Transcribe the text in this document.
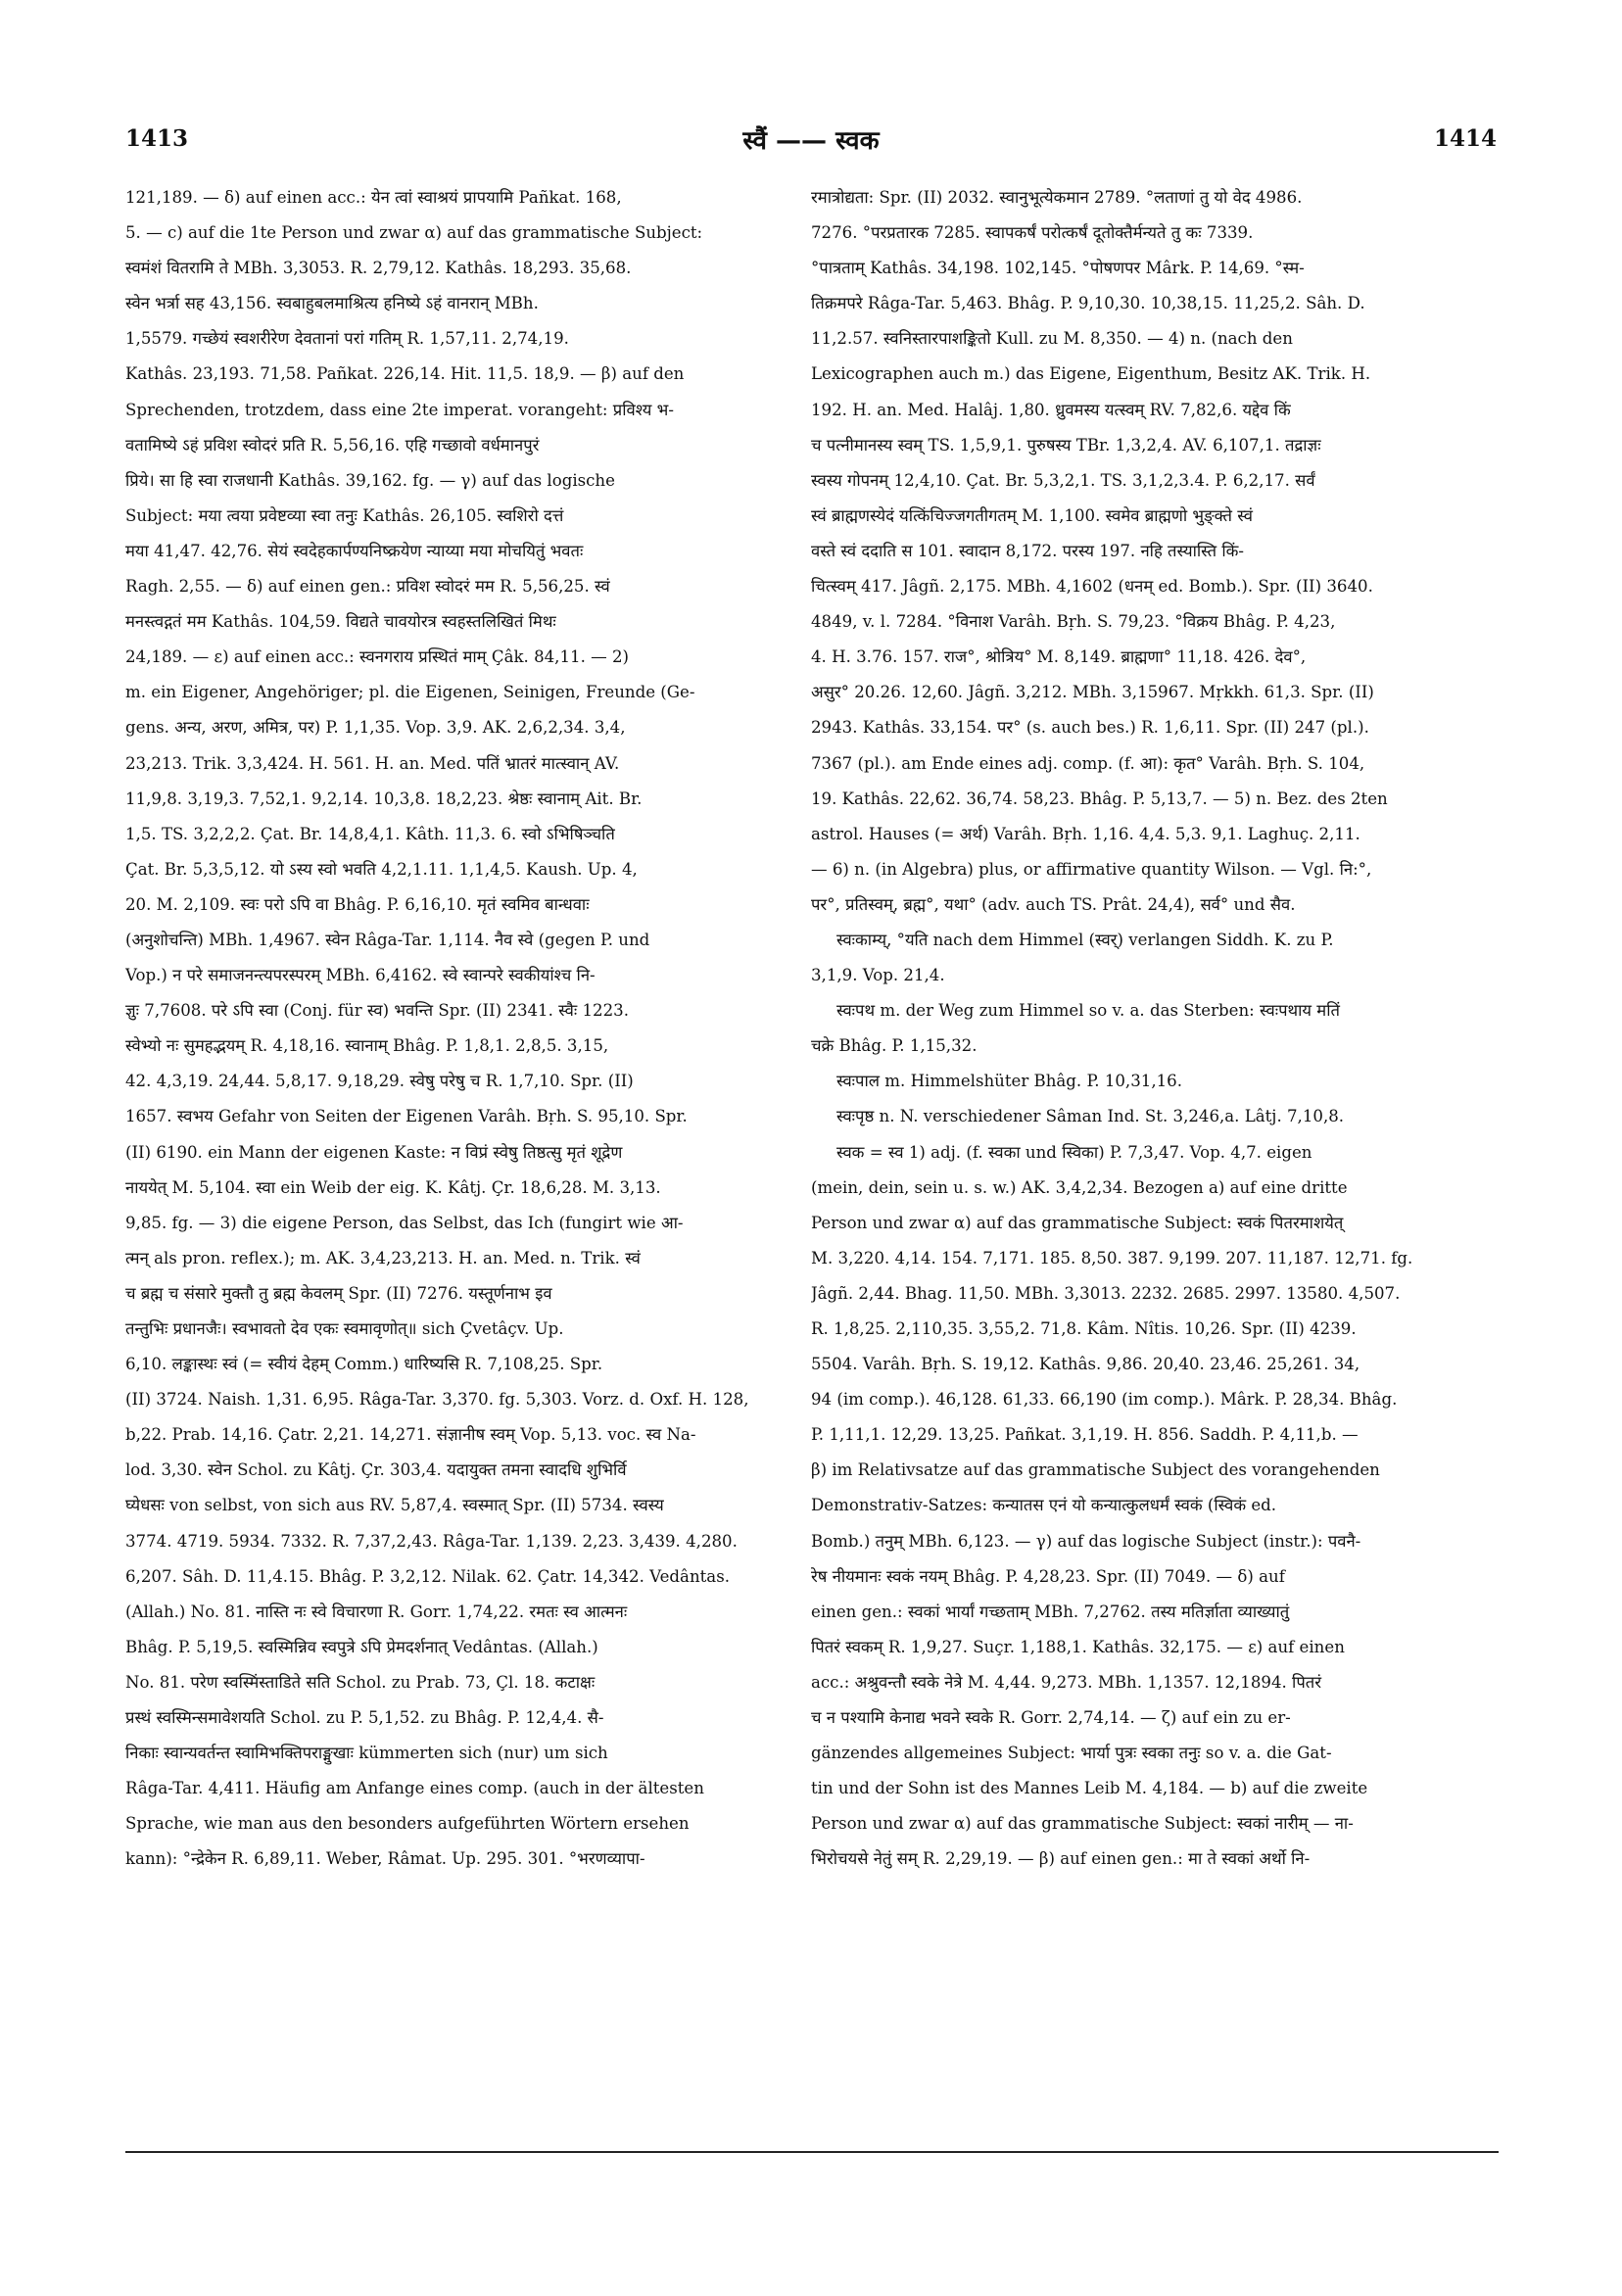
1413	स्वैं —— स्वक	1414
121,189. — δ) auf einen acc.: येन त्वां स्वाश्रयं प्रापयामि Pañkat. 168,
5. — c) auf die 1te Person und zwar α) auf das grammatische Subject:
स्वमंशं वितरामि ते MBh. 3,3053. R. 2,79,12. Kathâs. 18,293. 35,68.
स्वेन भर्त्रा सह 43,156. स्वबाहुबलमाश्रित्य हनिष्ये ऽहं वानरान् MBh.
1,5579. गच्छेयं स्वशरीरेण देवतानां परां गतिम् R. 1,57,11. 2,74,19.
Kathâs. 23,193. 71,58. Pañkat. 226,14. Hit. 11,5. 18,9. — β) auf den
Sprechenden, trotzdem, dass eine 2te imperat. vorangeht: प्रविश्य भ-
वतामिष्ये ऽहं प्रविश स्वोदरं प्रति R. 5,56,16. एहि गच्छावो वर्धमानपुरं
प्रिये। सा हि स्वा राजधानी Kathâs. 39,162. fg. — γ) auf das logische
Subject: मया त्वया प्रवेष्टव्या स्वा तनुः Kathâs. 26,105. स्वशिरो दत्तं
मया 41,47. 42,76. सेयं स्वदेहकार्पण्यनिष्क्रयेण न्याय्या मया मोचयितुं भवतः
Ragh. 2,55. — δ) auf einen gen.: प्रविश स्वोदरं मम R. 5,56,25. स्वं
मनस्त्वद्गतं मम Kathâs. 104,59. विद्यते चावयोरत्र स्वहस्तलिखितं मिथः
24,189. — ε) auf einen acc.: स्वनगराय प्रस्थितं माम् Çâk. 84,11. — 2)
m. ein Eigener, Angehöriger; pl. die Eigenen, Seinigen, Freunde (Ge-
gens. अन्य, अरण, अमित्र, पर) P. 1,1,35. Vop. 3,9. AK. 2,6,2,34. 3,4,
23,213. Trik. 3,3,424. H. 561. H. an. Med. पतिं भ्रातरं मात्स्वान् AV.
11,9,8. 3,19,3. 7,52,1. 9,2,14. 10,3,8. 18,2,23. श्रेष्ठः स्वानाम् Ait. Br.
1,5. TS. 3,2,2,2. Çat. Br. 14,8,4,1. Kâth. 11,3. 6. स्वो ऽभिषिञ्चति
Çat. Br. 5,3,5,12. यो ऽस्य स्वो भवति 4,2,1.11. 1,1,4,5. Kaush. Up. 4,
20. M. 2,109. स्वः परो ऽपि वा Bhâg. P. 6,16,10. मृतं स्वमिव बान्धवाः
(अनुशोचन्ति) MBh. 1,4967. स्वेन Râga-Tar. 1,114. नैव स्वे (gegen P. und
Vop.) न परे समाजनन्त्यपरस्परम् MBh. 6,4162. स्वे स्वान्परे स्वकीयांश्च नि-
ज्ञुः 7,7608. परे ऽपि स्वा (Conj. für स्व) भवन्ति Spr. (II) 2341. स्वैः 1223.
स्वेभ्यो नः सुमहद्भयम् R. 4,18,16. स्वानाम् Bhâg. P. 1,8,1. 2,8,5. 3,15,
42. 4,3,19. 24,44. 5,8,17. 9,18,29. स्वेषु परेषु च R. 1,7,10. Spr. (II)
1657. स्वभय Gefahr von Seiten der Eigenen Varâh. Bṛh. S. 95,10. Spr.
(II) 6190. ein Mann der eigenen Kaste: न विप्रं स्वेषु तिष्ठत्सु मृतं शूद्रेण
नाययेत् M. 5,104. स्वा ein Weib der eig. K. Kâtj. Çr. 18,6,28. M. 3,13.
9,85. fg. — 3) die eigene Person, das Selbst, das Ich (fungirt wie आ-
त्मन् als pron. reflex.); m. AK. 3,4,23,213. H. an. Med. n. Trik. स्वं
च ब्रह्म च संसारे मुक्तौ तु ब्रह्म केवलम् Spr. (II) 7276. यस्तूर्णनाभ इव
तन्तुभिः प्रधानजैः। स्वभावतो देव एकः स्वमावृणोत्॥ sich Çvetâçv. Up.
6,10. लङ्कास्थः स्वं (= स्वीयं देहम् Comm.) धारिष्यसि R. 7,108,25. Spr.
(II) 3724. Naish. 1,31. 6,95. Râga-Tar. 3,370. fg. 5,303. Vorz. d. Oxf. H. 128,
b,22. Prab. 14,16. Çatr. 2,21. 14,271. संज्ञानीष स्वम् Vop. 5,13. voc. स्व Na-
lod. 3,30. स्वेन Schol. zu Kâtj. Çr. 303,4. यदायुक्त तमना स्वादधि शुभिर्वि
घ्येधसः von selbst, von sich aus RV. 5,87,4. स्वस्मात् Spr. (II) 5734. स्वस्य
3774. 4719. 5934. 7332. R. 7,37,2,43. Râga-Tar. 1,139. 2,23. 3,439. 4,280.
6,207. Sâh. D. 11,4.15. Bhâg. P. 3,2,12. Nilak. 62. Çatr. 14,342. Vedântas.
(Allah.) No. 81. नास्ति नः स्वे विचारणा R. Gorr. 1,74,22. रमतः स्व आत्मनः
Bhâg. P. 5,19,5. स्वस्मिन्निव स्वपुत्रे ऽपि प्रेमदर्शनात् Vedântas. (Allah.)
No. 81. परेण स्वस्मिंस्ताडिते सति Schol. zu Prab. 73, Çl. 18. कटाक्षः
प्रस्थं स्वस्मिन्समावेशयति Schol. zu P. 5,1,52. zu Bhâg. P. 12,4,4. सै-
निकाः स्वान्यवर्तन्त स्वामिभक्तिपराङ्मुखाः kümmerten sich (nur) um sich
Râga-Tar. 4,411. Häufig am Anfange eines comp. (auch in der ältesten
Sprache, wie man aus den besonders aufgeführten Wörtern ersehen
kann): °न्द्रेकेन R. 6,89,11. Weber, Râmat. Up. 295. 301. °भरणव्यापा-
रमात्रोद्यता: Spr. (II) 2032. स्वानुभूत्येकमान 2789. °लताणां तु यो वेद 4986.
7276. °परप्रतारक 7285. स्वापकर्षं परोत्कर्षं दूतोक्तैर्मन्यते तु कः 7339.
°पात्रताम् Kathâs. 34,198. 102,145. °पोषणपर Mârk. P. 14,69. °स्म-
तिक्रमपरे Râga-Tar. 5,463. Bhâg. P. 9,10,30. 10,38,15. 11,25,2. Sâh. D.
11,2.57. स्वनिस्तारपाशङ्कितो Kull. zu M. 8,350. — 4) n. (nach den
Lexicographen auch m.) das Eigene, Eigenthum, Besitz AK. Trik. H.
192. H. an. Med. Halâj. 1,80. ध्रुवमस्य यत्स्वम् RV. 7,82,6. यद्देव किं
च पत्नीमानस्य स्वम् TS. 1,5,9,1. पुरुषस्य TBr. 1,3,2,4. AV. 6,107,1. तद्राज्ञः
स्वस्य गोपनम् 12,4,10. Çat. Br. 5,3,2,1. TS. 3,1,2,3.4. P. 6,2,17. सर्वं
स्वं ब्राह्मणस्येदं यत्किंचिज्जगतीगतम् M. 1,100. स्वमेव ब्राह्मणो भुङ्क्ते स्वं
वस्ते स्वं ददाति स 101. स्वादान 8,172. परस्य 197. नहि तस्यास्ति किं-
चित्स्वम् 417. Jâgñ. 2,175. MBh. 4,1602 (धनम् ed. Bomb.). Spr. (II) 3640.
4849, v. l. 7284. °विनाश Varâh. Bṛh. S. 79,23. °विक्रय Bhâg. P. 4,23,
4. H. 3.76. 157. राज°, श्रोत्रिय° M. 8,149. ब्राह्मणा° 11,18. 426. देव°,
असुर° 20.26. 12,60. Jâgñ. 3,212. MBh. 3,15967. Mṛkkh. 61,3. Spr. (II)
2943. Kathâs. 33,154. पर° (s. auch bes.) R. 1,6,11. Spr. (II) 247 (pl.).
7367 (pl.). am Ende eines adj. comp. (f. आ): कृत° Varâh. Bṛh. S. 104,
19. Kathâs. 22,62. 36,74. 58,23. Bhâg. P. 5,13,7. — 5) n. Bez. des 2ten
astrol. Hauses (= अर्थ) Varâh. Bṛh. 1,16. 4,4. 5,3. 9,1. Laghuç. 2,11.
— 6) n. (in Algebra) plus, or affirmative quantity Wilson. — Vgl. नि:°,
पर°, प्रतिस्वम्, ब्रह्म°, यथा° (adv. auch TS. Prât. 24,4), सर्व° und सैव.
स्वःकाम्य्, °यति nach dem Himmel (स्वर्) verlangen Siddh. K. zu P.
3,1,9. Vop. 21,4.
स्वःपथ m. der Weg zum Himmel so v. a. das Sterben: स्वःपथाय मतिं
चक्रे Bhâg. P. 1,15,32.
स्वःपाल m. Himmelshüter Bhâg. P. 10,31,16.
स्वःपृष्ठ n. N. verschiedener Sâman Ind. St. 3,246,a. Lâtj. 7,10,8.
स्वक = स्व 1) adj. (f. स्वका und स्विका) P. 7,3,47. Vop. 4,7. eigen
(mein, dein, sein u. s. w.) AK. 3,4,2,34. Bezogen a) auf eine dritte
Person und zwar α) auf das grammatische Subject: स्वकं पितरमाशयेत्
M. 3,220. 4,14. 154. 7,171. 185. 8,50. 387. 9,199. 207. 11,187. 12,71. fg.
Jâgñ. 2,44. Bhag. 11,50. MBh. 3,3013. 2232. 2685. 2997. 13580. 4,507.
R. 1,8,25. 2,110,35. 3,55,2. 71,8. Kâm. Nîtis. 10,26. Spr. (II) 4239.
5504. Varâh. Bṛh. S. 19,12. Kathâs. 9,86. 20,40. 23,46. 25,261. 34,
94 (im comp.). 46,128. 61,33. 66,190 (im comp.). Mârk. P. 28,34. Bhâg.
P. 1,11,1. 12,29. 13,25. Pañkat. 3,1,19. H. 856. Saddh. P. 4,11,b. —
β) im Relativsatze auf das grammatische Subject des vorangehenden
Demonstrativ-Satzes: कन्यातस एनं यो कन्यात्कुलधर्मं स्वकं (स्विकं ed.
Bomb.) तनुम् MBh. 6,123. — γ) auf das logische Subject (instr.): पवनै-
रेष नीयमानः स्वकं नयम् Bhâg. P. 4,28,23. Spr. (II) 7049. — δ) auf
einen gen.: स्वकां भार्यां गच्छताम् MBh. 7,2762. तस्य मतिर्ज्ञाता व्याख्यातुं
पितरं स्वकम् R. 1,9,27. Suçr. 1,188,1. Kathâs. 32,175. — ε) auf einen
acc.: अश्रुवन्तौ स्वके नेत्रे M. 4,44. 9,273. MBh. 1,1357. 12,1894. पितरं
च न पश्यामि केनाद्य भवने स्वके R. Gorr. 2,74,14. — ζ) auf ein zu er-
gänzendes allgemeines Subject: भार्या पुत्रः स्वका तनुः so v. a. die Gat-
tin und der Sohn ist des Mannes Leib M. 4,184. — b) auf die zweite
Person und zwar α) auf das grammatische Subject: स्वकां नारीम् — ना-
भिरोचयसे नेतुं सम् R. 2,29,19. — β) auf einen gen.: मा ते स्वकां अर्थो नि-
